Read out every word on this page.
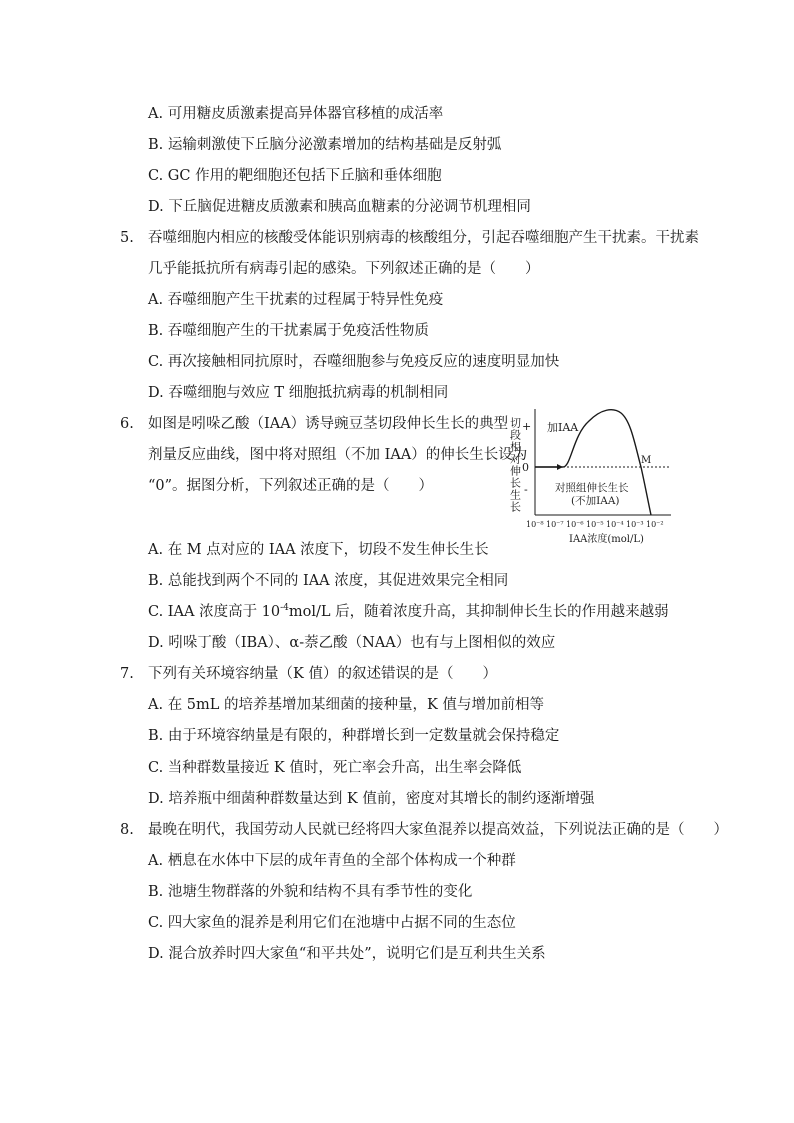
A. 可用糖皮质激素提高异体器官移植的成活率
B. 运输刺激使下丘脑分泌激素增加的结构基础是反射弧
C. GC 作用的靶细胞还包括下丘脑和垂体细胞
D. 下丘脑促进糖皮质激素和胰高血糖素的分泌调节机理相同
5. 吞噬细胞内相应的核酸受体能识别病毒的核酸组分，引起吞噬细胞产生干扰素。干扰素
几乎能抵抗所有病毒引起的感染。下列叙述正确的是（　　）
A. 吞噬细胞产生干扰素的过程属于特异性免疫
B. 吞噬细胞产生的干扰素属于免疫活性物质
C. 再次接触相同抗原时，吞噬细胞参与免疫反应的速度明显加快
D. 吞噬细胞与效应 T 细胞抵抗病毒的机制相同
6. 如图是吲哚乙酸（IAA）诱导豌豆茎切段伸长生长的典型
剂量反应曲线，图中将对照组（不加 IAA）的伸长生长设为
“0”。据图分析，下列叙述正确的是（　　）	切段相对伸长生长 +
0
-
加IAA
M
对照组伸长生长
(不加IAA)
10⁻⁸ 10⁻⁷ 10⁻⁶ 10⁻⁵ 10⁻⁴ 10⁻³ 10⁻²
IAA浓度(mol/L)
A. 在 M 点对应的 IAA 浓度下，切段不发生伸长生长
B. 总能找到两个不同的 IAA 浓度，其促进效果完全相同
C. IAA 浓度高于 $10^{-4}mol/L$ 后，随着浓度升高，其抑制伸长生长的作用越来越弱
D. 吲哚丁酸（IBA）、α-萘乙酸（NAA）也有与上图相似的效应
7. 下列有关环境容纳量（K 值）的叙述错误的是（　　）
A. 在 5mL 的培养基增加某细菌的接种量，K 值与增加前相等
B. 由于环境容纳量是有限的，种群增长到一定数量就会保持稳定
C. 当种群数量接近 K 值时，死亡率会升高，出生率会降低
D. 培养瓶中细菌种群数量达到 K 值前，密度对其增长的制约逐渐增强
8. 最晚在明代，我国劳动人民就已经将四大家鱼混养以提高效益，下列说法正确的是（　　）
A. 栖息在水体中下层的成年青鱼的全部个体构成一个种群
B. 池塘生物群落的外貌和结构不具有季节性的变化
C. 四大家鱼的混养是利用它们在池塘中占据不同的生态位
D. 混合放养时四大家鱼“和平共处”，说明它们是互利共生关系
